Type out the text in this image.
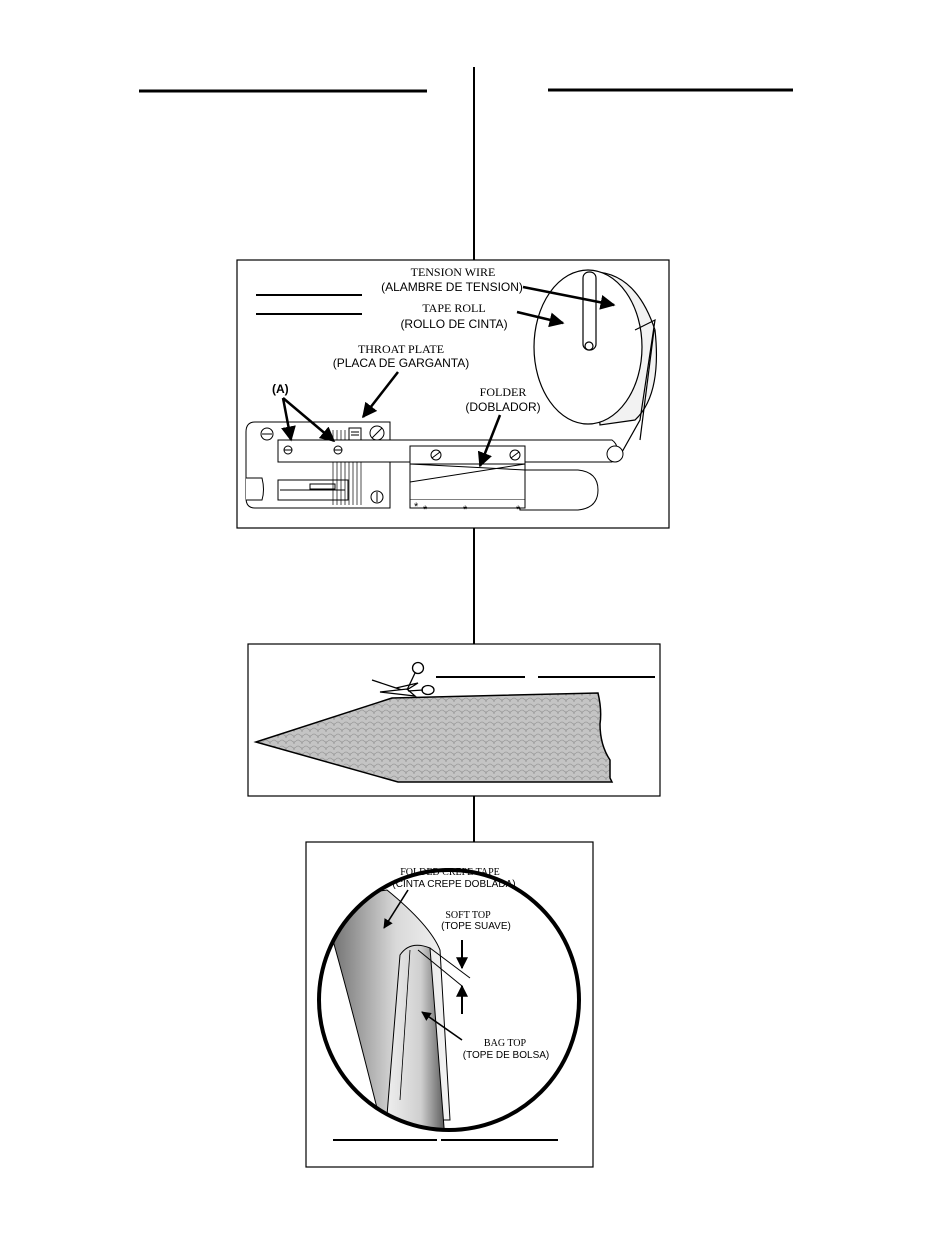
* *	*	*
(A)
TENSION WIRE
(ALAMBRE DE TENSION)
TAPE ROLL
(ROLLO DE CINTA)
THROAT PLATE
(PLACA DE GARGANTA)
FOLDER
(DOBLADOR)
FOLDED CREPE TAPE
(CINTA CREPE DOBLADA)
SOFT TOP
(TOPE SUAVE)
BAG TOP
(TOPE DE BOLSA)
